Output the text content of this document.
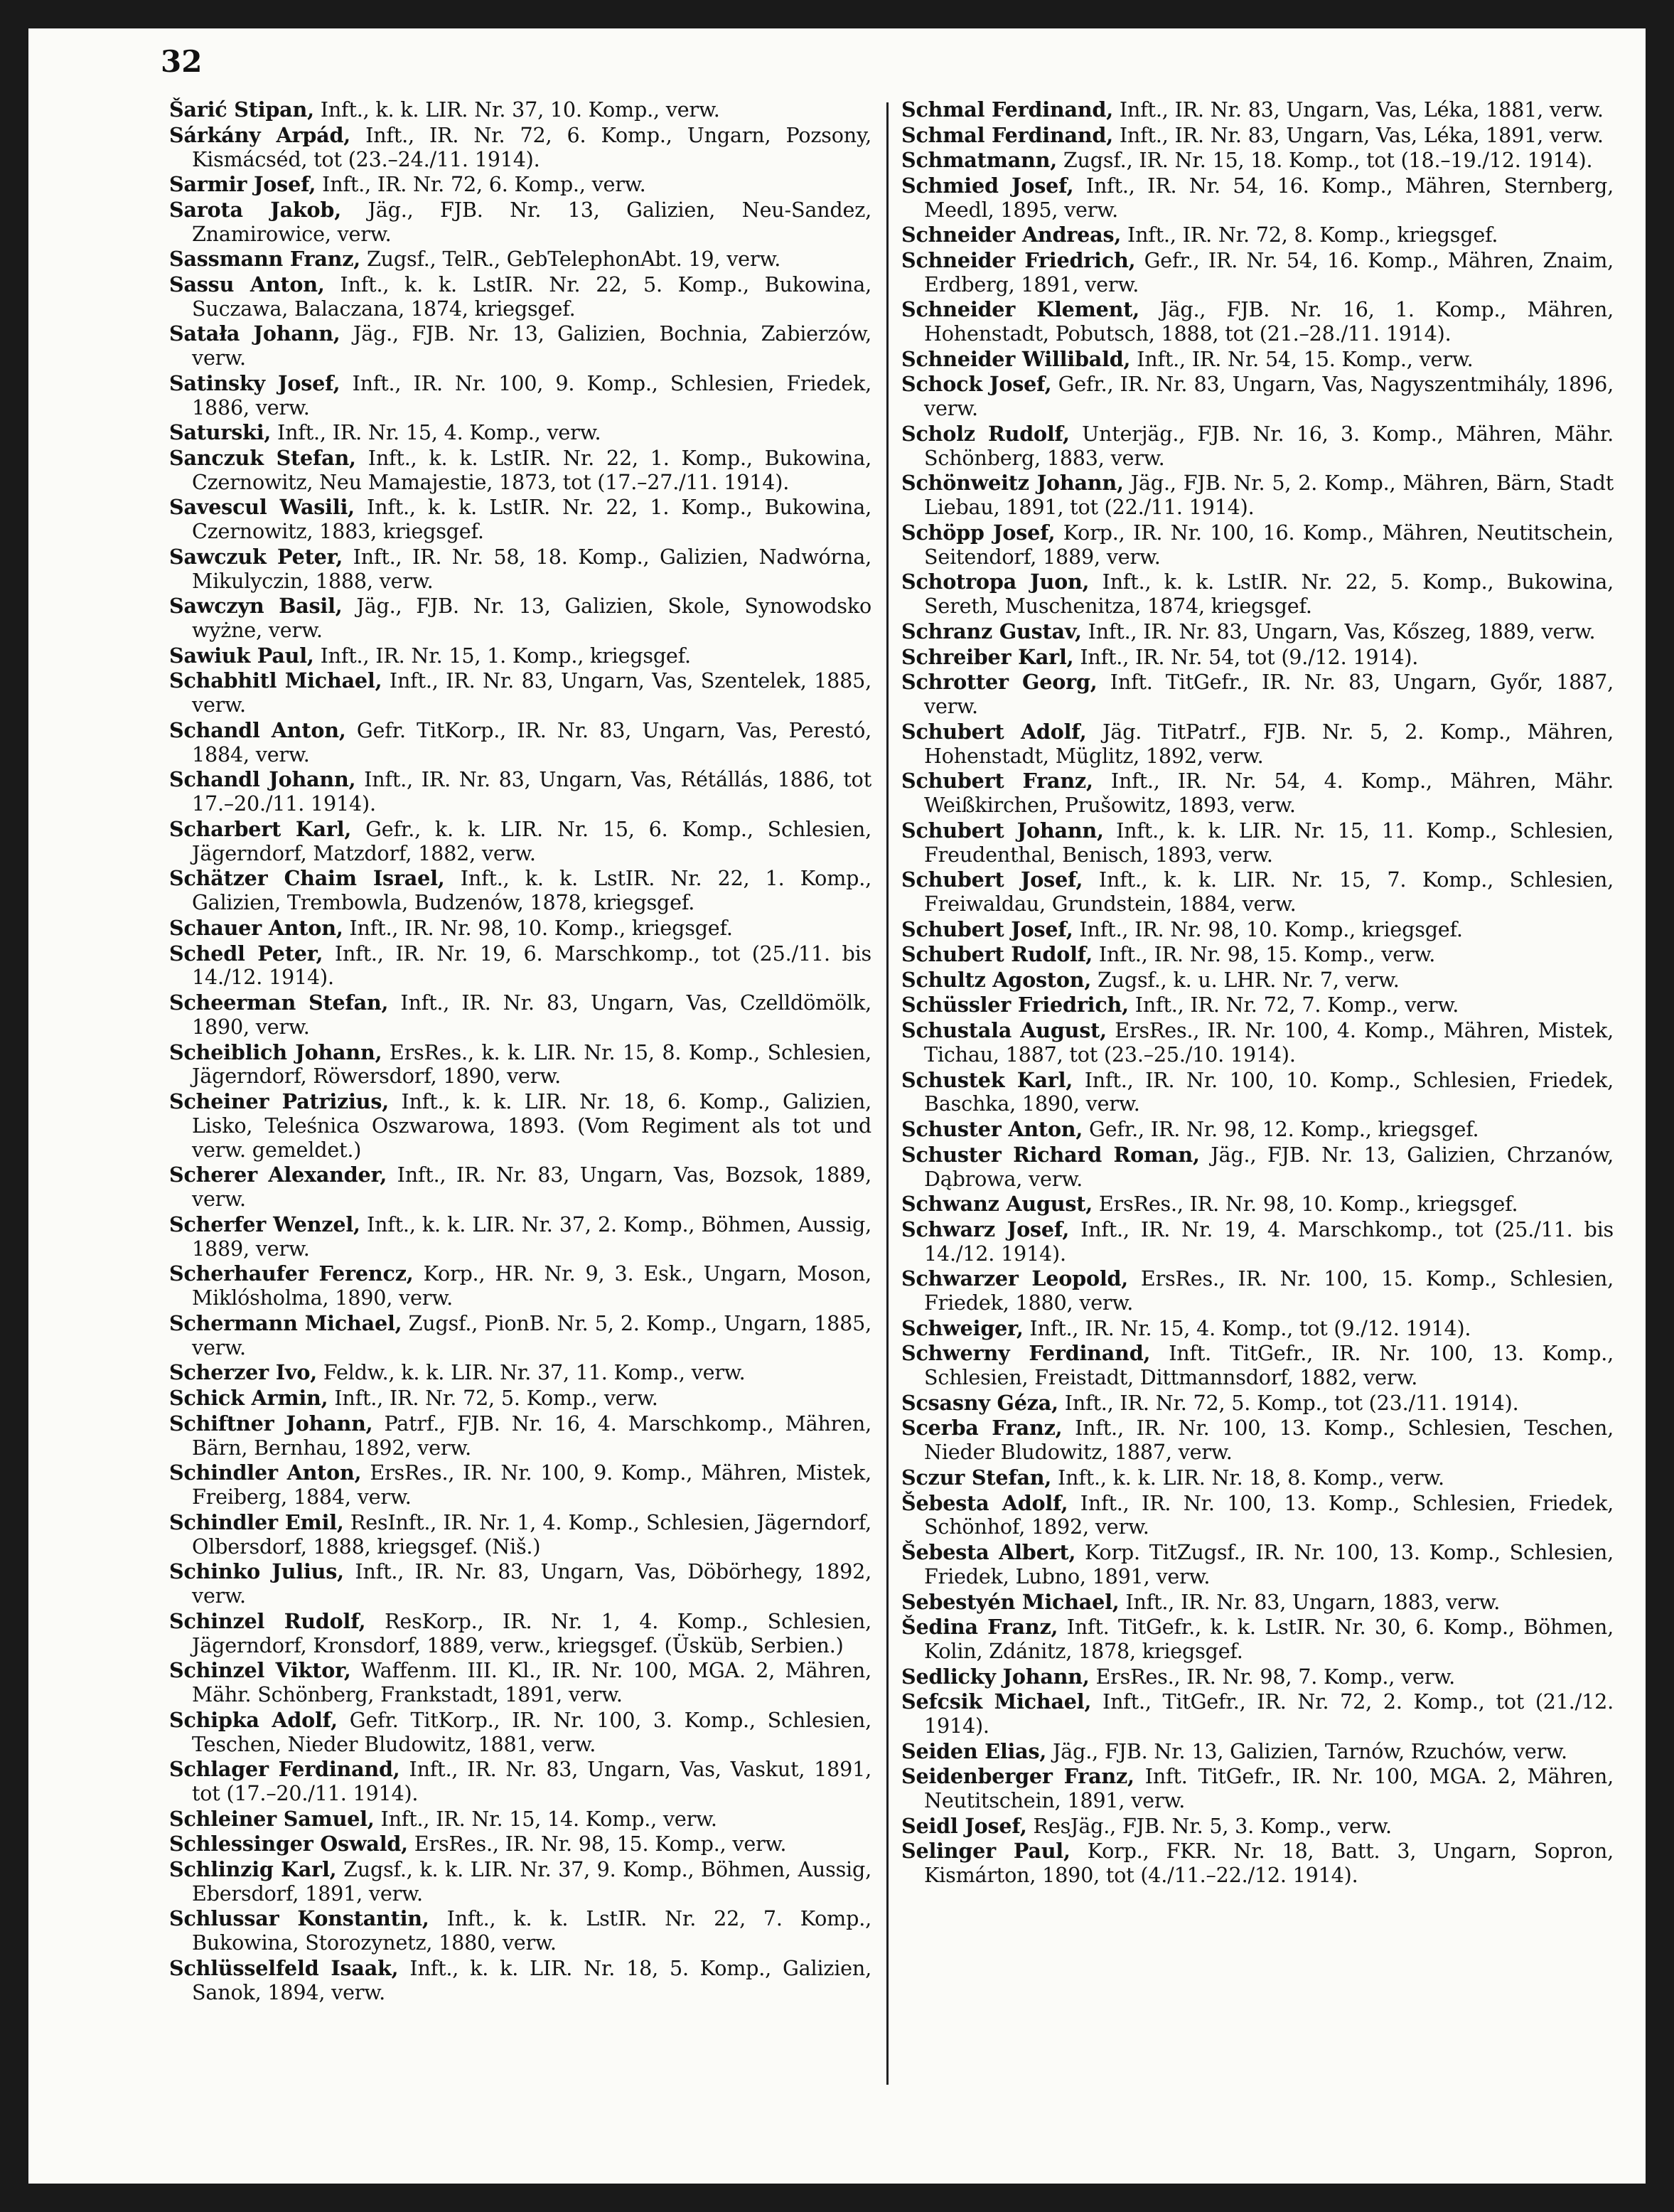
32

Šarić Stipan, Inft., k. k. LIR. Nr. 37, 10. Komp., verw.

Sárkány Arpád, Inft., IR. Nr. 72, 6. Komp., Ungarn, Pozsony, Kismácséd, tot (23.–24./11. 1914).

Sarmir Josef, Inft., IR. Nr. 72, 6. Komp., verw.

Sarota Jakob, Jäg., FJB. Nr. 13, Galizien, Neu-Sandez, Znamirowice, verw.

Sassmann Franz, Zugsf., TelR., GebTelephonAbt. 19, verw.

Sassu Anton, Inft., k. k. LstIR. Nr. 22, 5. Komp., Bukowina, Suczawa, Balaczana, 1874, kriegsgef.

Satała Johann, Jäg., FJB. Nr. 13, Galizien, Bochnia, Zabierzów, verw.

Satinsky Josef, Inft., IR. Nr. 100, 9. Komp., Schlesien, Friedek, 1886, verw.

Saturski, Inft., IR. Nr. 15, 4. Komp., verw.

Sanczuk Stefan, Inft., k. k. LstIR. Nr. 22, 1. Komp., Bukowina, Czernowitz, Neu Mamajestie, 1873, tot (17.–27./11. 1914).

Savescul Wasili, Inft., k. k. LstIR. Nr. 22, 1. Komp., Bukowina, Czernowitz, 1883, kriegsgef.

Sawczuk Peter, Inft., IR. Nr. 58, 18. Komp., Galizien, Nadwórna, Mikulyczin, 1888, verw.

Sawczyn Basil, Jäg., FJB. Nr. 13, Galizien, Skole, Synowodsko wyżne, verw.

Sawiuk Paul, Inft., IR. Nr. 15, 1. Komp., kriegsgef.

Schabhitl Michael, Inft., IR. Nr. 83, Ungarn, Vas, Szentelek, 1885, verw.

Schandl Anton, Gefr. TitKorp., IR. Nr. 83, Ungarn, Vas, Perestó, 1884, verw.

Schandl Johann, Inft., IR. Nr. 83, Ungarn, Vas, Rétállás, 1886, tot 17.–20./11. 1914).

Scharbert Karl, Gefr., k. k. LIR. Nr. 15, 6. Komp., Schlesien, Jägerndorf, Matzdorf, 1882, verw.

Schätzer Chaim Israel, Inft., k. k. LstIR. Nr. 22, 1. Komp., Galizien, Trembowla, Budzenów, 1878, kriegsgef.

Schauer Anton, Inft., IR. Nr. 98, 10. Komp., kriegsgef.

Schedl Peter, Inft., IR. Nr. 19, 6. Marschkomp., tot (25./11. bis 14./12. 1914).

Scheerman Stefan, Inft., IR. Nr. 83, Ungarn, Vas, Czelldömölk, 1890, verw.

Scheiblich Johann, ErsRes., k. k. LIR. Nr. 15, 8. Komp., Schlesien, Jägerndorf, Röwersdorf, 1890, verw.

Scheiner Patrizius, Inft., k. k. LIR. Nr. 18, 6. Komp., Galizien, Lisko, Teleśnica Oszwarowa, 1893. (Vom Regiment als tot und verw. gemeldet.)

Scherer Alexander, Inft., IR. Nr. 83, Ungarn, Vas, Bozsok, 1889, verw.

Scherfer Wenzel, Inft., k. k. LIR. Nr. 37, 2. Komp., Böhmen, Aussig, 1889, verw.

Scherhaufer Ferencz, Korp., HR. Nr. 9, 3. Esk., Ungarn, Moson, Miklósholma, 1890, verw.

Schermann Michael, Zugsf., PionB. Nr. 5, 2. Komp., Ungarn, 1885, verw.

Scherzer Ivo, Feldw., k. k. LIR. Nr. 37, 11. Komp., verw.

Schick Armin, Inft., IR. Nr. 72, 5. Komp., verw.

Schiftner Johann, Patrf., FJB. Nr. 16, 4. Marschkomp., Mähren, Bärn, Bernhau, 1892, verw.

Schindler Anton, ErsRes., IR. Nr. 100, 9. Komp., Mähren, Mistek, Freiberg, 1884, verw.

Schindler Emil, ResInft., IR. Nr. 1, 4. Komp., Schlesien, Jägerndorf, Olbersdorf, 1888, kriegsgef. (Niš.)

Schinko Julius, Inft., IR. Nr. 83, Ungarn, Vas, Döbörhegy, 1892, verw.

Schinzel Rudolf, ResKorp., IR. Nr. 1, 4. Komp., Schlesien, Jägerndorf, Kronsdorf, 1889, verw., kriegsgef. (Üsküb, Serbien.)

Schinzel Viktor, Waffenm. III. Kl., IR. Nr. 100, MGA. 2, Mähren, Mähr. Schönberg, Frankstadt, 1891, verw.

Schipka Adolf, Gefr. TitKorp., IR. Nr. 100, 3. Komp., Schlesien, Teschen, Nieder Bludowitz, 1881, verw.

Schlager Ferdinand, Inft., IR. Nr. 83, Ungarn, Vas, Vaskut, 1891, tot (17.–20./11. 1914).

Schleiner Samuel, Inft., IR. Nr. 15, 14. Komp., verw.

Schlessinger Oswald, ErsRes., IR. Nr. 98, 15. Komp., verw.

Schlinzig Karl, Zugsf., k. k. LIR. Nr. 37, 9. Komp., Böhmen, Aussig, Ebersdorf, 1891, verw.

Schlussar Konstantin, Inft., k. k. LstIR. Nr. 22, 7. Komp., Bukowina, Storozynetz, 1880, verw.

Schlüsselfeld Isaak, Inft., k. k. LIR. Nr. 18, 5. Komp., Galizien, Sanok, 1894, verw.

Schmal Ferdinand, Inft., IR. Nr. 83, Ungarn, Vas, Léka, 1881, verw.

Schmal Ferdinand, Inft., IR. Nr. 83, Ungarn, Vas, Léka, 1891, verw.

Schmatmann, Zugsf., IR. Nr. 15, 18. Komp., tot (18.–19./12. 1914).

Schmied Josef, Inft., IR. Nr. 54, 16. Komp., Mähren, Sternberg, Meedl, 1895, verw.

Schneider Andreas, Inft., IR. Nr. 72, 8. Komp., kriegsgef.

Schneider Friedrich, Gefr., IR. Nr. 54, 16. Komp., Mähren, Znaim, Erdberg, 1891, verw.

Schneider Klement, Jäg., FJB. Nr. 16, 1. Komp., Mähren, Hohenstadt, Pobutsch, 1888, tot (21.–28./11. 1914).

Schneider Willibald, Inft., IR. Nr. 54, 15. Komp., verw.

Schock Josef, Gefr., IR. Nr. 83, Ungarn, Vas, Nagyszentmihály, 1896, verw.

Scholz Rudolf, Unterjäg., FJB. Nr. 16, 3. Komp., Mähren, Mähr. Schönberg, 1883, verw.

Schönweitz Johann, Jäg., FJB. Nr. 5, 2. Komp., Mähren, Bärn, Stadt Liebau, 1891, tot (22./11. 1914).

Schöpp Josef, Korp., IR. Nr. 100, 16. Komp., Mähren, Neutitschein, Seitendorf, 1889, verw.

Schotropa Juon, Inft., k. k. LstIR. Nr. 22, 5. Komp., Bukowina, Sereth, Muschenitza, 1874, kriegsgef.

Schranz Gustav, Inft., IR. Nr. 83, Ungarn, Vas, Kőszeg, 1889, verw.

Schreiber Karl, Inft., IR. Nr. 54, tot (9./12. 1914).

Schrotter Georg, Inft. TitGefr., IR. Nr. 83, Ungarn, Győr, 1887, verw.

Schubert Adolf, Jäg. TitPatrf., FJB. Nr. 5, 2. Komp., Mähren, Hohenstadt, Müglitz, 1892, verw.

Schubert Franz, Inft., IR. Nr. 54, 4. Komp., Mähren, Mähr. Weißkirchen, Prušowitz, 1893, verw.

Schubert Johann, Inft., k. k. LIR. Nr. 15, 11. Komp., Schlesien, Freudenthal, Benisch, 1893, verw.

Schubert Josef, Inft., k. k. LIR. Nr. 15, 7. Komp., Schlesien, Freiwaldau, Grundstein, 1884, verw.

Schubert Josef, Inft., IR. Nr. 98, 10. Komp., kriegsgef.

Schubert Rudolf, Inft., IR. Nr. 98, 15. Komp., verw.

Schultz Agoston, Zugsf., k. u. LHR. Nr. 7, verw.

Schüssler Friedrich, Inft., IR. Nr. 72, 7. Komp., verw.

Schustala August, ErsRes., IR. Nr. 100, 4. Komp., Mähren, Mistek, Tichau, 1887, tot (23.–25./10. 1914).

Schustek Karl, Inft., IR. Nr. 100, 10. Komp., Schlesien, Friedek, Baschka, 1890, verw.

Schuster Anton, Gefr., IR. Nr. 98, 12. Komp., kriegsgef.

Schuster Richard Roman, Jäg., FJB. Nr. 13, Galizien, Chrzanów, Dąbrowa, verw.

Schwanz August, ErsRes., IR. Nr. 98, 10. Komp., kriegsgef.

Schwarz Josef, Inft., IR. Nr. 19, 4. Marschkomp., tot (25./11. bis 14./12. 1914).

Schwarzer Leopold, ErsRes., IR. Nr. 100, 15. Komp., Schlesien, Friedek, 1880, verw.

Schweiger, Inft., IR. Nr. 15, 4. Komp., tot (9./12. 1914).

Schwerny Ferdinand, Inft. TitGefr., IR. Nr. 100, 13. Komp., Schlesien, Freistadt, Dittmannsdorf, 1882, verw.

Scsasny Géza, Inft., IR. Nr. 72, 5. Komp., tot (23./11. 1914).

Scerba Franz, Inft., IR. Nr. 100, 13. Komp., Schlesien, Teschen, Nieder Bludowitz, 1887, verw.

Sczur Stefan, Inft., k. k. LIR. Nr. 18, 8. Komp., verw.

Šebesta Adolf, Inft., IR. Nr. 100, 13. Komp., Schlesien, Friedek, Schönhof, 1892, verw.

Šebesta Albert, Korp. TitZugsf., IR. Nr. 100, 13. Komp., Schlesien, Friedek, Lubno, 1891, verw.

Sebestyén Michael, Inft., IR. Nr. 83, Ungarn, 1883, verw.

Šedina Franz, Inft. TitGefr., k. k. LstIR. Nr. 30, 6. Komp., Böhmen, Kolin, Zdánitz, 1878, kriegsgef.

Sedlicky Johann, ErsRes., IR. Nr. 98, 7. Komp., verw.

Sefcsik Michael, Inft., TitGefr., IR. Nr. 72, 2. Komp., tot (21./12. 1914).

Seiden Elias, Jäg., FJB. Nr. 13, Galizien, Tarnów, Rzuchów, verw.

Seidenberger Franz, Inft. TitGefr., IR. Nr. 100, MGA. 2, Mähren, Neutitschein, 1891, verw.

Seidl Josef, ResJäg., FJB. Nr. 5, 3. Komp., verw.

Selinger Paul, Korp., FKR. Nr. 18, Batt. 3, Ungarn, Sopron, Kismárton, 1890, tot (4./11.–22./12. 1914).
